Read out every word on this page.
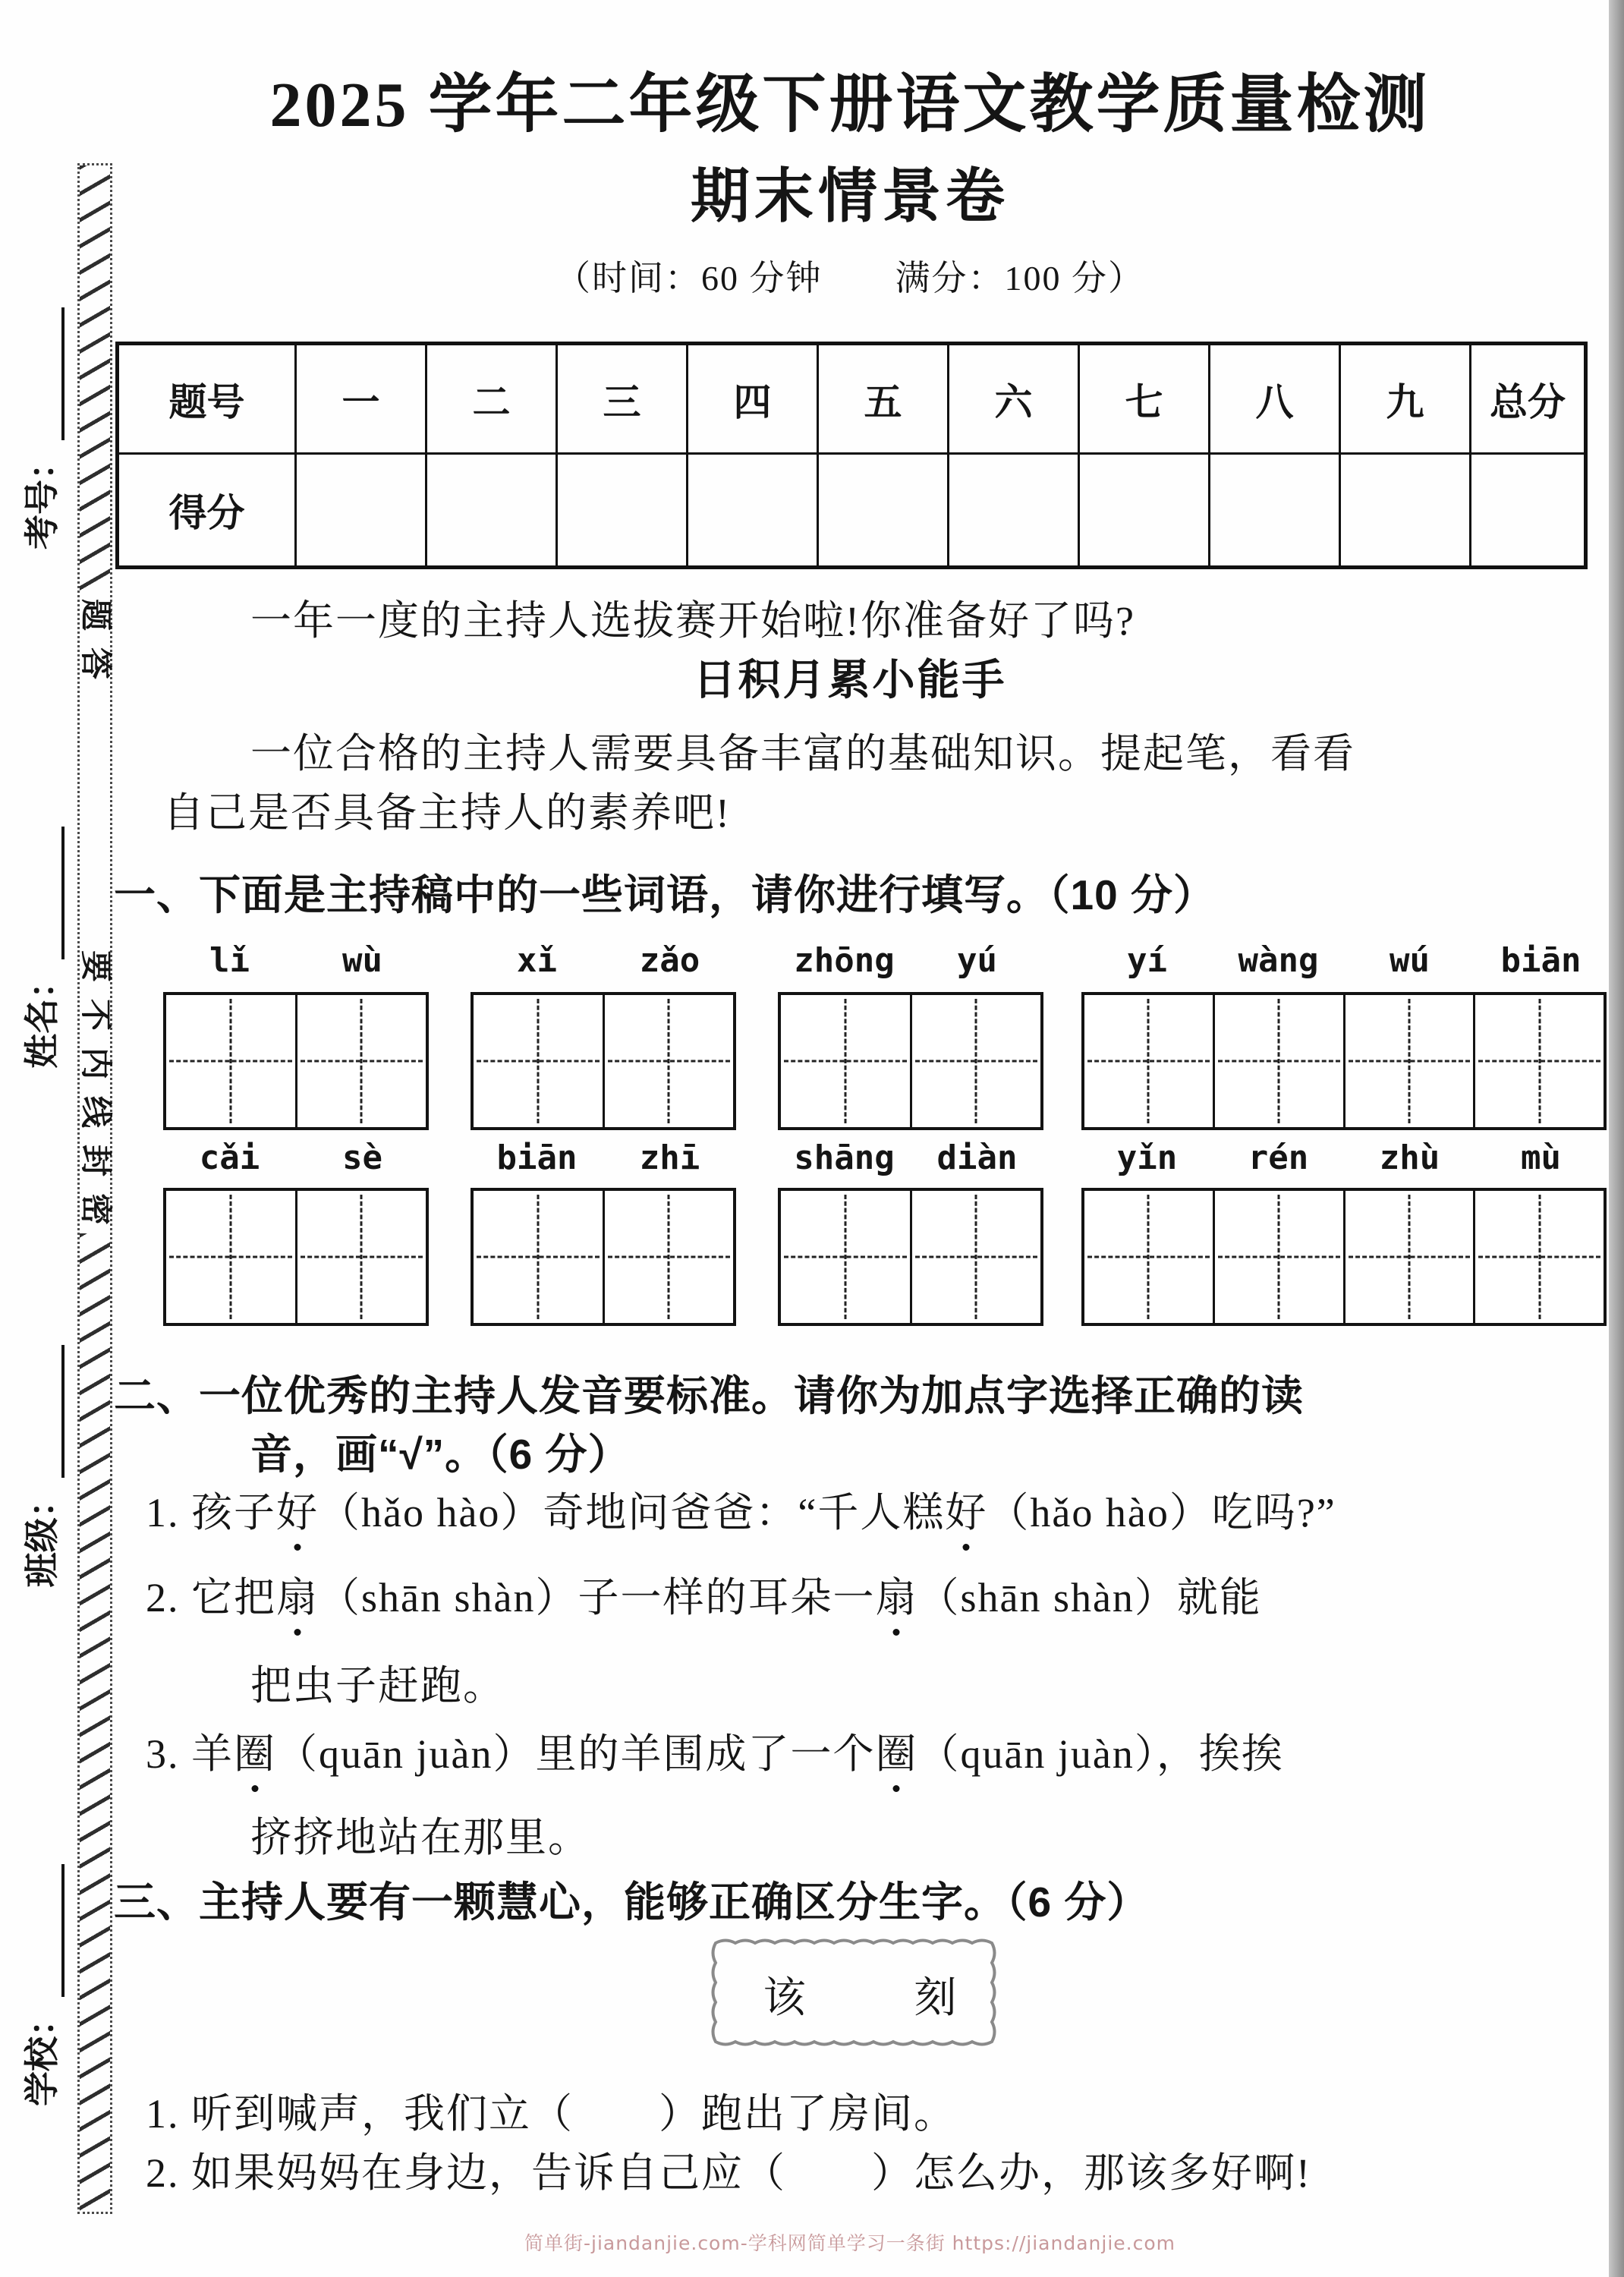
学校：
班级：
姓名：
考号：
题
答
要
不
内
线
封
密
2025 学年二年级下册语文教学质量检测
期末情景卷
（时间：60 分钟　　满分：100 分）
题号	一	二	三	四	五	六	七	八	九	总分
得分										
一年一度的主持人选拔赛开始啦!你准备好了吗?
日积月累小能手
一位合格的主持人需要具备丰富的基础知识。提起笔，看看
自己是否具备主持人的素养吧!
一、下面是主持稿中的一些词语，请你进行填写。（10 分）
lǐ	wù	xǐ	zǎo	zhōng	yú	yí	wàng	wú	biān
cǎi	sè	biān	zhī	shāng	diàn	yǐn	rén	zhù	mù
二、一位优秀的主持人发音要标准。请你为加点字选择正确的读
音，画“√”。（6 分）
1. 孩子好（hǎo hào）奇地问爸爸：“千人糕好（hǎo hào）吃吗?”
2. 它把扇（shān shàn）子一样的耳朵一扇（shān shàn）就能
把虫子赶跑。
3. 羊圈（quān juàn）里的羊围成了一个圈（quān juàn），挨挨
挤挤地站在那里。
三、主持人要有一颗慧心，能够正确区分生字。（6 分）
该	刻
1. 听到喊声，我们立（　　）跑出了房间。
2. 如果妈妈在身边，告诉自己应（　　）怎么办，那该多好啊!
简单街-jiandanjie.com-学科网简单学习一条街 https://jiandanjie.com
